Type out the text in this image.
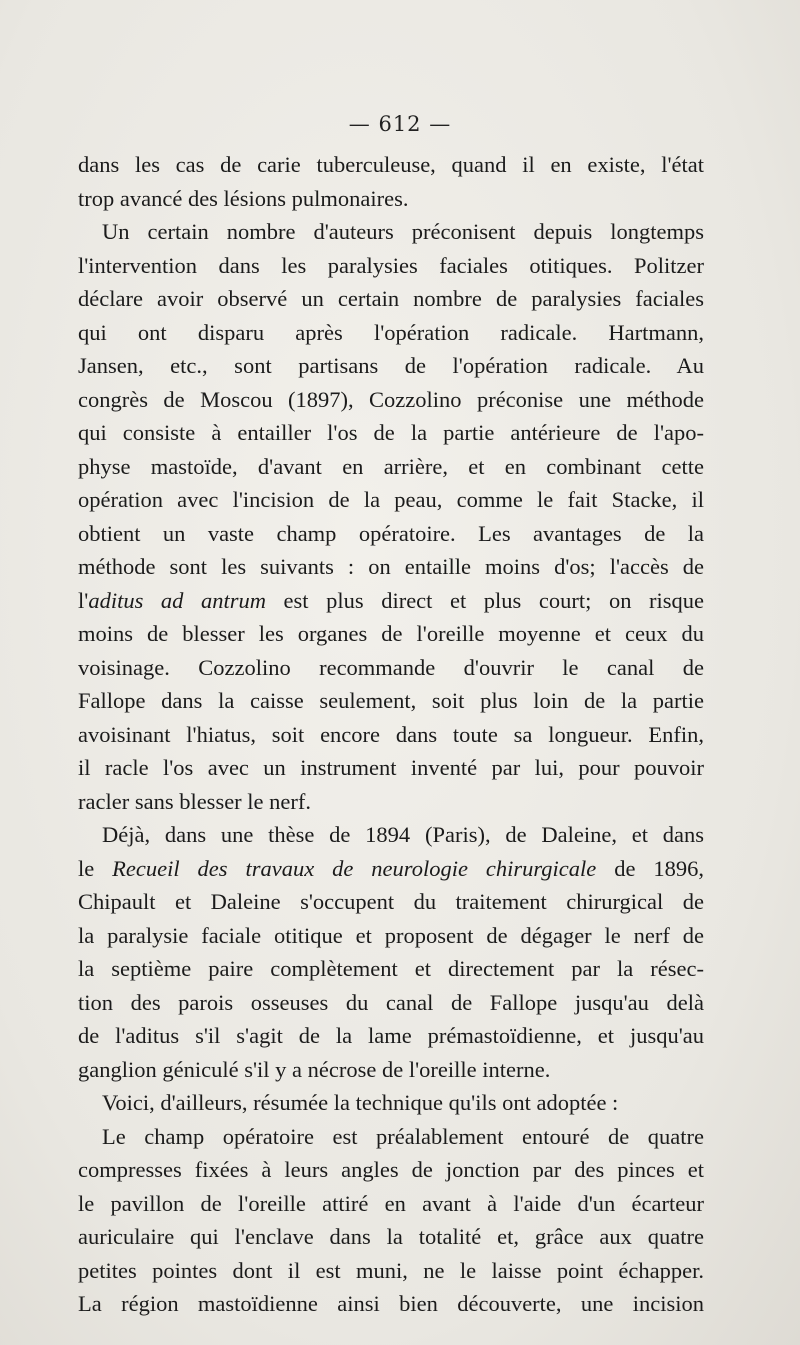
— 612 —
dans les cas de carie tuberculeuse, quand il en existe, l'état
trop avancé des lésions pulmonaires.
Un certain nombre d'auteurs préconisent depuis longtemps
l'intervention dans les paralysies faciales otitiques. Politzer
déclare avoir observé un certain nombre de paralysies faciales
qui ont disparu après l'opération radicale. Hartmann,
Jansen, etc., sont partisans de l'opération radicale. Au
congrès de Moscou (1897), Cozzolino préconise une méthode
qui consiste à entailler l'os de la partie antérieure de l'apo-
physe mastoïde, d'avant en arrière, et en combinant cette
opération avec l'incision de la peau, comme le fait Stacke, il
obtient un vaste champ opératoire. Les avantages de la
méthode sont les suivants : on entaille moins d'os; l'accès de
l'aditus ad antrum est plus direct et plus court; on risque
moins de blesser les organes de l'oreille moyenne et ceux du
voisinage. Cozzolino recommande d'ouvrir le canal de
Fallope dans la caisse seulement, soit plus loin de la partie
avoisinant l'hiatus, soit encore dans toute sa longueur. Enfin,
il racle l'os avec un instrument inventé par lui, pour pouvoir
racler sans blesser le nerf.
Déjà, dans une thèse de 1894 (Paris), de Daleine, et dans
le Recueil des travaux de neurologie chirurgicale de 1896,
Chipault et Daleine s'occupent du traitement chirurgical de
la paralysie faciale otitique et proposent de dégager le nerf de
la septième paire complètement et directement par la résec-
tion des parois osseuses du canal de Fallope jusqu'au delà
de l'aditus s'il s'agit de la lame prémastoïdienne, et jusqu'au
ganglion géniculé s'il y a nécrose de l'oreille interne.
Voici, d'ailleurs, résumée la technique qu'ils ont adoptée :
Le champ opératoire est préalablement entouré de quatre
compresses fixées à leurs angles de jonction par des pinces et
le pavillon de l'oreille attiré en avant à l'aide d'un écarteur
auriculaire qui l'enclave dans la totalité et, grâce aux quatre
petites pointes dont il est muni, ne le laisse point échapper.
La région mastoïdienne ainsi bien découverte, une incision
